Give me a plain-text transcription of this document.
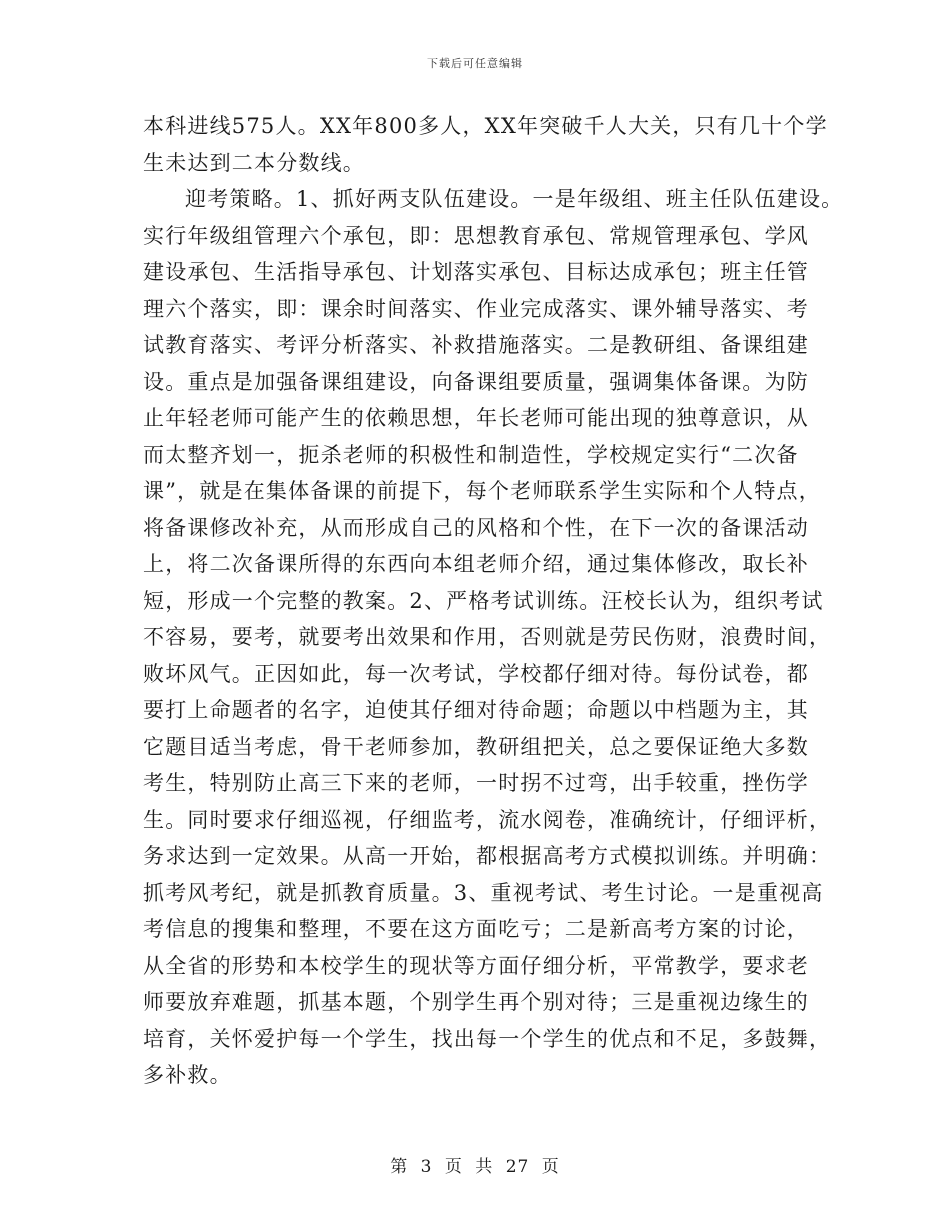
下载后可任意编辑
本科进线575人。XX年800多人，XX年突破千人大关，只有几十个学
生未达到二本分数线。
迎考策略。1、抓好两支队伍建设。一是年级组、班主任队伍建设。
实行年级组管理六个承包，即：思想教育承包、常规管理承包、学风
建设承包、生活指导承包、计划落实承包、目标达成承包；班主任管
理六个落实，即：课余时间落实、作业完成落实、课外辅导落实、考
试教育落实、考评分析落实、补救措施落实。二是教研组、备课组建
设。重点是加强备课组建设，向备课组要质量，强调集体备课。为防
止年轻老师可能产生的依赖思想，年长老师可能出现的独尊意识，从
而太整齐划一，扼杀老师的积极性和制造性，学校规定实行“二次备
课”，就是在集体备课的前提下，每个老师联系学生实际和个人特点，
将备课修改补充，从而形成自己的风格和个性，在下一次的备课活动
上，将二次备课所得的东西向本组老师介绍，通过集体修改，取长补
短，形成一个完整的教案。2、严格考试训练。汪校长认为，组织考试
不容易，要考，就要考出效果和作用，否则就是劳民伤财，浪费时间，
败坏风气。正因如此，每一次考试，学校都仔细对待。每份试卷，都
要打上命题者的名字，迫使其仔细对待命题；命题以中档题为主，其
它题目适当考虑，骨干老师参加，教研组把关，总之要保证绝大多数
考生，特别防止高三下来的老师，一时拐不过弯，出手较重，挫伤学
生。同时要求仔细巡视，仔细监考，流水阅卷，准确统计，仔细评析，
务求达到一定效果。从高一开始，都根据高考方式模拟训练。并明确：
抓考风考纪，就是抓教育质量。3、重视考试、考生讨论。一是重视高
考信息的搜集和整理，不要在这方面吃亏；二是新高考方案的讨论，
从全省的形势和本校学生的现状等方面仔细分析，平常教学，要求老
师要放弃难题，抓基本题，个别学生再个别对待；三是重视边缘生的
培育，关怀爱护每一个学生，找出每一个学生的优点和不足，多鼓舞，
多补救。
第 3 页 共 27 页
